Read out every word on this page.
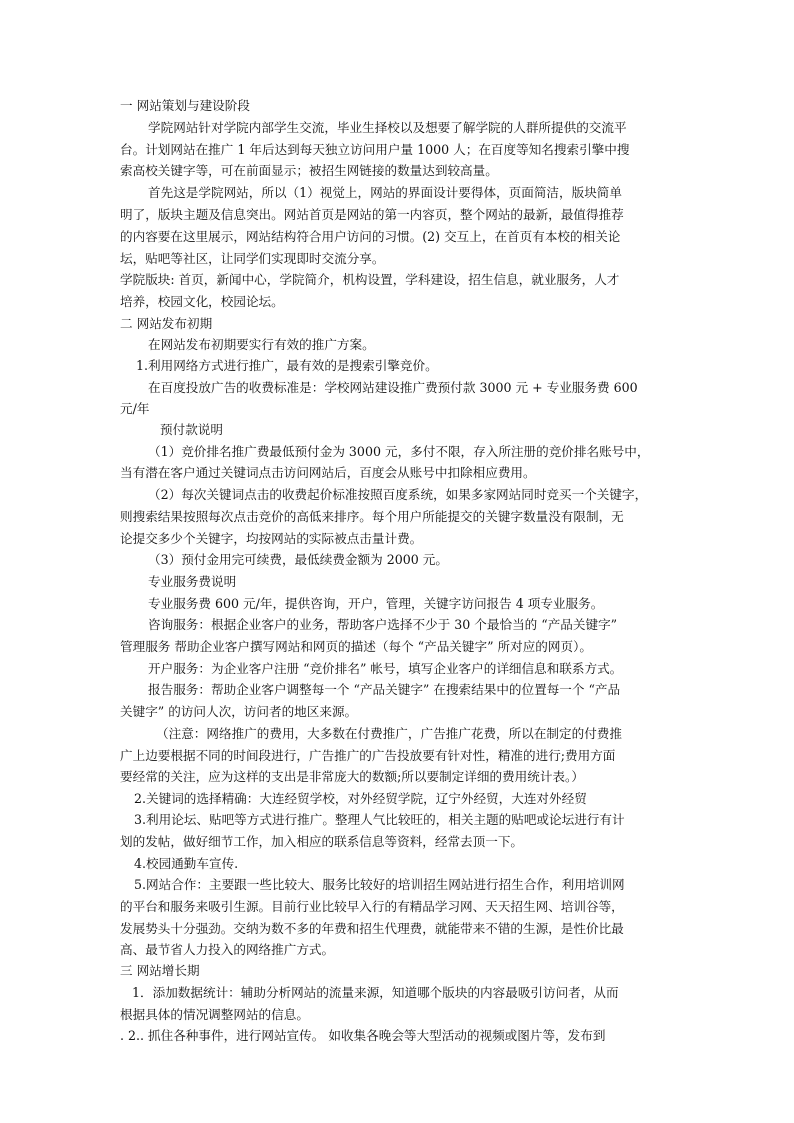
一 网站策划与建设阶段
学院网站针对学院内部学生交流，毕业生择校以及想要了解学院的人群所提供的交流平
台。计划网站在推广 1 年后达到每天独立访问用户量 1000 人；在百度等知名搜索引擎中搜
索高校关键字等，可在前面显示；被招生网链接的数量达到较高量。
首先这是学院网站，所以（1）视觉上，网站的界面设计要得体，页面简洁，版块简单
明了，版块主题及信息突出。网站首页是网站的第一内容页，整个网站的最新，最值得推荐
的内容要在这里展示，网站结构符合用户访问的习惯。(2) 交互上，在首页有本校的相关论
坛，贴吧等社区，让同学们实现即时交流分享。
学院版块: 首页，新闻中心，学院简介，机构设置，学科建设，招生信息，就业服务，人才
培养，校园文化，校园论坛。
二 网站发布初期
在网站发布初期要实行有效的推广方案。
1.利用网络方式进行推广，最有效的是搜索引擎竞价。
在百度投放广告的收费标准是：学校网站建设推广费预付款 3000 元 + 专业服务费 600
元/年
预付款说明
（1）竞价排名推广费最低预付金为 3000 元，多付不限，存入所注册的竞价排名账号中，
当有潜在客户通过关键词点击访问网站后，百度会从账号中扣除相应费用。
（2）每次关键词点击的收费起价标准按照百度系统，如果多家网站同时竞买一个关键字，
则搜索结果按照每次点击竞价的高低来排序。每个用户所能提交的关键字数量没有限制，无
论提交多少个关键字，均按网站的实际被点击量计费。
（3）预付金用完可续费，最低续费金额为 2000 元。
专业服务费说明
专业服务费 600 元/年，提供咨询，开户，管理，关键字访问报告 4 项专业服务。
咨询服务：根据企业客户的业务，帮助客户选择不少于 30 个最恰当的 “产品关键字”
管理服务 帮助企业客户撰写网站和网页的描述（每个 “产品关键字” 所对应的网页）。
开户服务：为企业客户注册 “竞价排名” 帐号，填写企业客户的详细信息和联系方式。
报告服务：帮助企业客户调整每一个 “产品关键字” 在搜索结果中的位置每一个 “产品
关键字” 的访问人次，访问者的地区来源。
（注意：网络推广的费用，大多数在付费推广，广告推广花费，所以在制定的付费推
广上边要根据不同的时间段进行，广告推广的广告投放要有针对性，精准的进行;费用方面
要经常的关注，应为这样的支出是非常庞大的数额;所以要制定详细的费用统计表。）
2.关键词的选择精确：大连经贸学校，对外经贸学院，辽宁外经贸，大连对外经贸
3.利用论坛、贴吧等方式进行推广。整理人气比较旺的，相关主题的贴吧或论坛进行有计
划的发帖，做好细节工作，加入相应的联系信息等资料，经常去顶一下。
4.校园通勤车宣传.
5.网站合作：主要跟一些比较大、服务比较好的培训招生网站进行招生合作，利用培训网
的平台和服务来吸引生源。目前行业比较早入行的有精品学习网、天天招生网、培训谷等，
发展势头十分强劲。交纳为数不多的年费和招生代理费，就能带来不错的生源，是性价比最
高、最节省人力投入的网络推广方式。
三 网站增长期
1．添加数据统计：辅助分析网站的流量来源，知道哪个版块的内容最吸引访问者，从而
根据具体的情况调整网站的信息。
. 2.. 抓住各种事件，进行网站宣传。 如收集各晚会等大型活动的视频或图片等，发布到
